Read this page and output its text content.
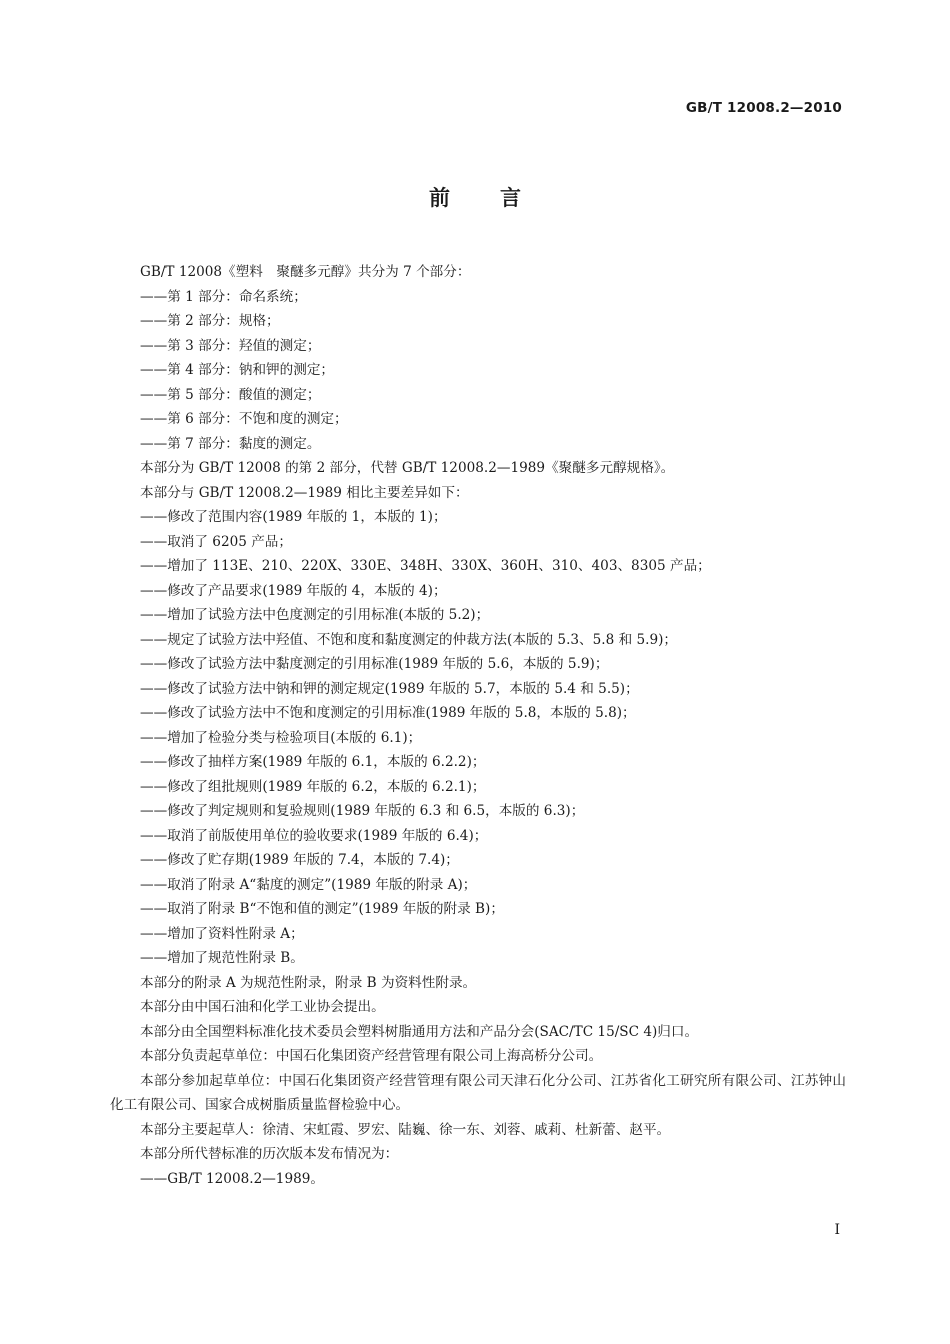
GB/T 12008.2—2010
前言

GB/T 12008《塑料　聚醚多元醇》共分为 7 个部分：

——第 1 部分：命名系统；

——第 2 部分：规格；

——第 3 部分：羟值的测定；

——第 4 部分：钠和钾的测定；

——第 5 部分：酸值的测定；

——第 6 部分：不饱和度的测定；

——第 7 部分：黏度的测定。

本部分为 GB/T 12008 的第 2 部分，代替 GB/T 12008.2—1989《聚醚多元醇规格》。

本部分与 GB/T 12008.2—1989 相比主要差异如下：

——修改了范围内容(1989 年版的 1，本版的 1)；

——取消了 6205 产品；

——增加了 113E、210、220X、330E、348H、330X、360H、310、403、8305 产品；

——修改了产品要求(1989 年版的 4，本版的 4)；

——增加了试验方法中色度测定的引用标准(本版的 5.2)；

——规定了试验方法中羟值、不饱和度和黏度测定的仲裁方法(本版的 5.3、5.8 和 5.9)；

——修改了试验方法中黏度测定的引用标准(1989 年版的 5.6，本版的 5.9)；

——修改了试验方法中钠和钾的测定规定(1989 年版的 5.7，本版的 5.4 和 5.5)；

——修改了试验方法中不饱和度测定的引用标准(1989 年版的 5.8，本版的 5.8)；

——增加了检验分类与检验项目(本版的 6.1)；

——修改了抽样方案(1989 年版的 6.1，本版的 6.2.2)；

——修改了组批规则(1989 年版的 6.2，本版的 6.2.1)；

——修改了判定规则和复验规则(1989 年版的 6.3 和 6.5，本版的 6.3)；

——取消了前版使用单位的验收要求(1989 年版的 6.4)；

——修改了贮存期(1989 年版的 7.4，本版的 7.4)；

——取消了附录 A“黏度的测定”(1989 年版的附录 A)；

——取消了附录 B“不饱和值的测定”(1989 年版的附录 B)；

——增加了资料性附录 A；

——增加了规范性附录 B。

本部分的附录 A 为规范性附录，附录 B 为资料性附录。

本部分由中国石油和化学工业协会提出。

本部分由全国塑料标准化技术委员会塑料树脂通用方法和产品分会(SAC/TC 15/SC 4)归口。

本部分负责起草单位：中国石化集团资产经营管理有限公司上海高桥分公司。

本部分参加起草单位：中国石化集团资产经营管理有限公司天津石化分公司、江苏省化工研究所有限公司、江苏钟山化工有限公司、国家合成树脂质量监督检验中心。

本部分主要起草人：徐清、宋虹霞、罗宏、陆巍、徐一东、刘蓉、戚莉、杜新蕾、赵平。

本部分所代替标准的历次版本发布情况为：

——GB/T 12008.2—1989。

I
